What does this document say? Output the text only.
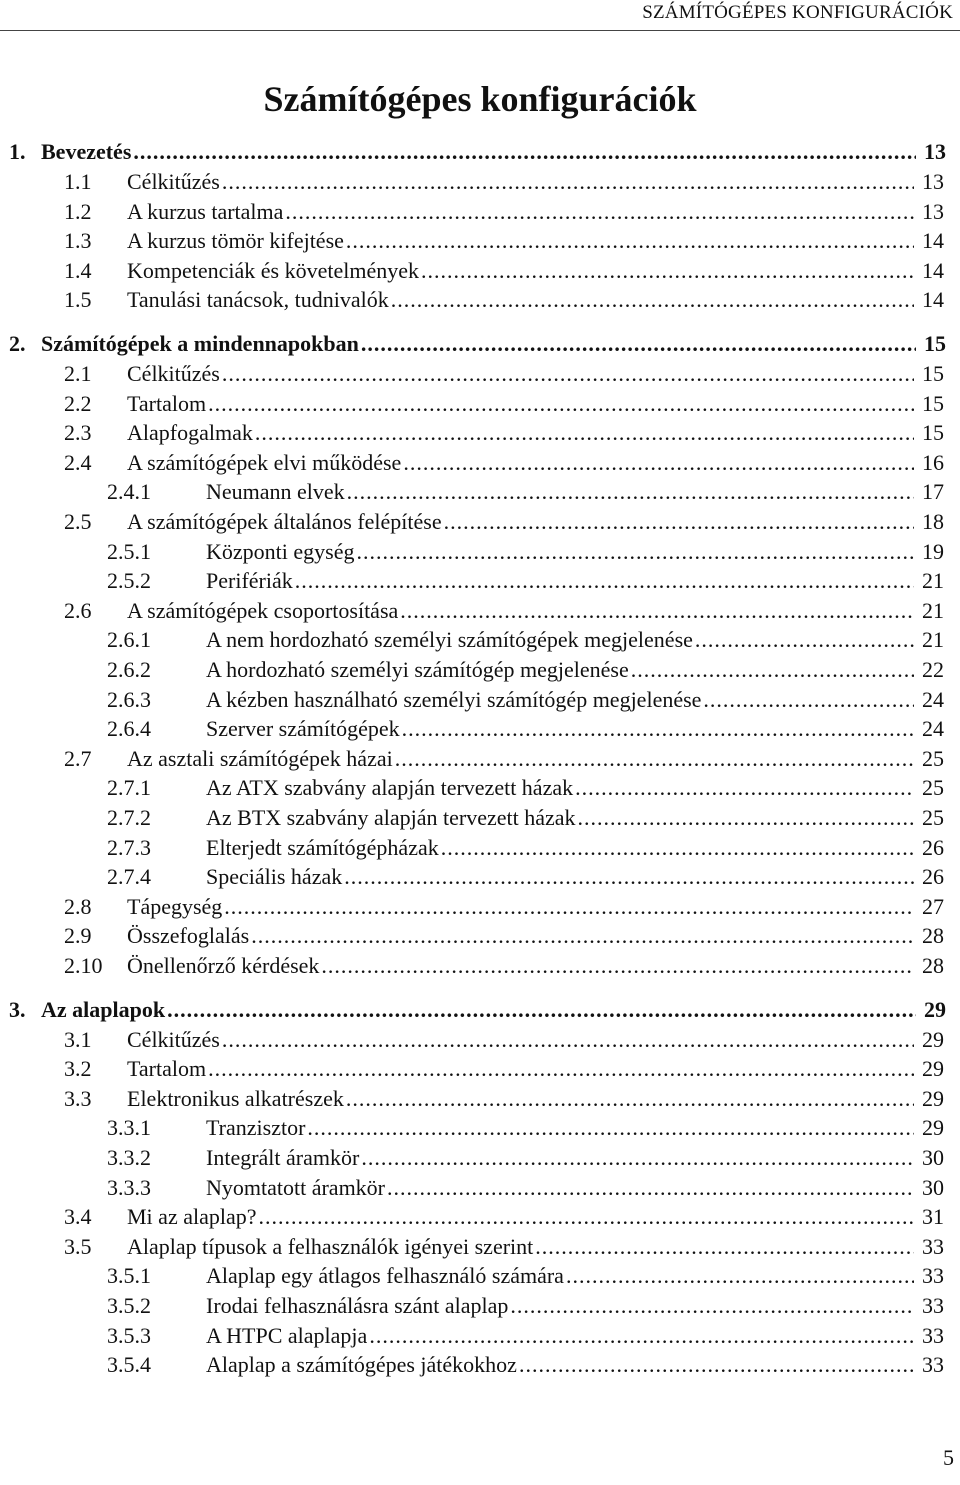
SZÁMÍTÓGÉPES KONFIGURÁCIÓK
Számítógépes konfigurációk
1. Bevezetés .....	13
1.1 Célkitűzés .....	13
1.2 A kurzus tartalma .....	13
1.3 A kurzus tömör kifejtése .....	14
1.4 Kompetenciák és követelmények .....	14
1.5 Tanulási tanácsok, tudnivalók .....	14
2. Számítógépek a mindennapokban .....	15
2.1 Célkitűzés .....	15
2.2 Tartalom .....	15
2.3 Alapfogalmak .....	15
2.4 A számítógépek elvi működése .....	16
2.4.1	Neumann elvek .....	17
2.5 A számítógépek általános felépítése .....	18
2.5.1	Központi egység .....	19
2.5.2	Perifériák .....	21
2.6 A számítógépek csoportosítása .....	21
2.6.1	A nem hordozható személyi számítógépek megjelenése .....	21
2.6.2	A hordozható személyi számítógép megjelenése .....	22
2.6.3	A kézben használható személyi számítógép megjelenése .....	24
2.6.4	Szerver számítógépek .....	24
2.7 Az asztali számítógépek házai .....	25
2.7.1	Az ATX szabvány alapján tervezett házak .....	25
2.7.2	Az BTX szabvány alapján tervezett házak .....	25
2.7.3	Elterjedt számítógépházak .....	26
2.7.4	Speciális házak .....	26
2.8 Tápegység .....	27
2.9 Összefoglalás .....	28
2.10 Önellenőrző kérdések .....	28
3. Az alaplapok .....	29
3.1 Célkitűzés .....	29
3.2 Tartalom .....	29
3.3 Elektronikus alkatrészek .....	29
3.3.1	Tranzisztor .....	29
3.3.2	Integrált áramkör .....	30
3.3.3	Nyomtatott áramkör .....	30
3.4 Mi az alaplap? .....	31
3.5 Alaplap típusok a felhasználók igényei szerint .....	33
3.5.1	Alaplap egy átlagos felhasználó számára .....	33
3.5.2	Irodai felhasználásra szánt alaplap .....	33
3.5.3	A HTPC alaplapja .....	33
3.5.4	Alaplap a számítógépes játékokhoz .....	33
5
